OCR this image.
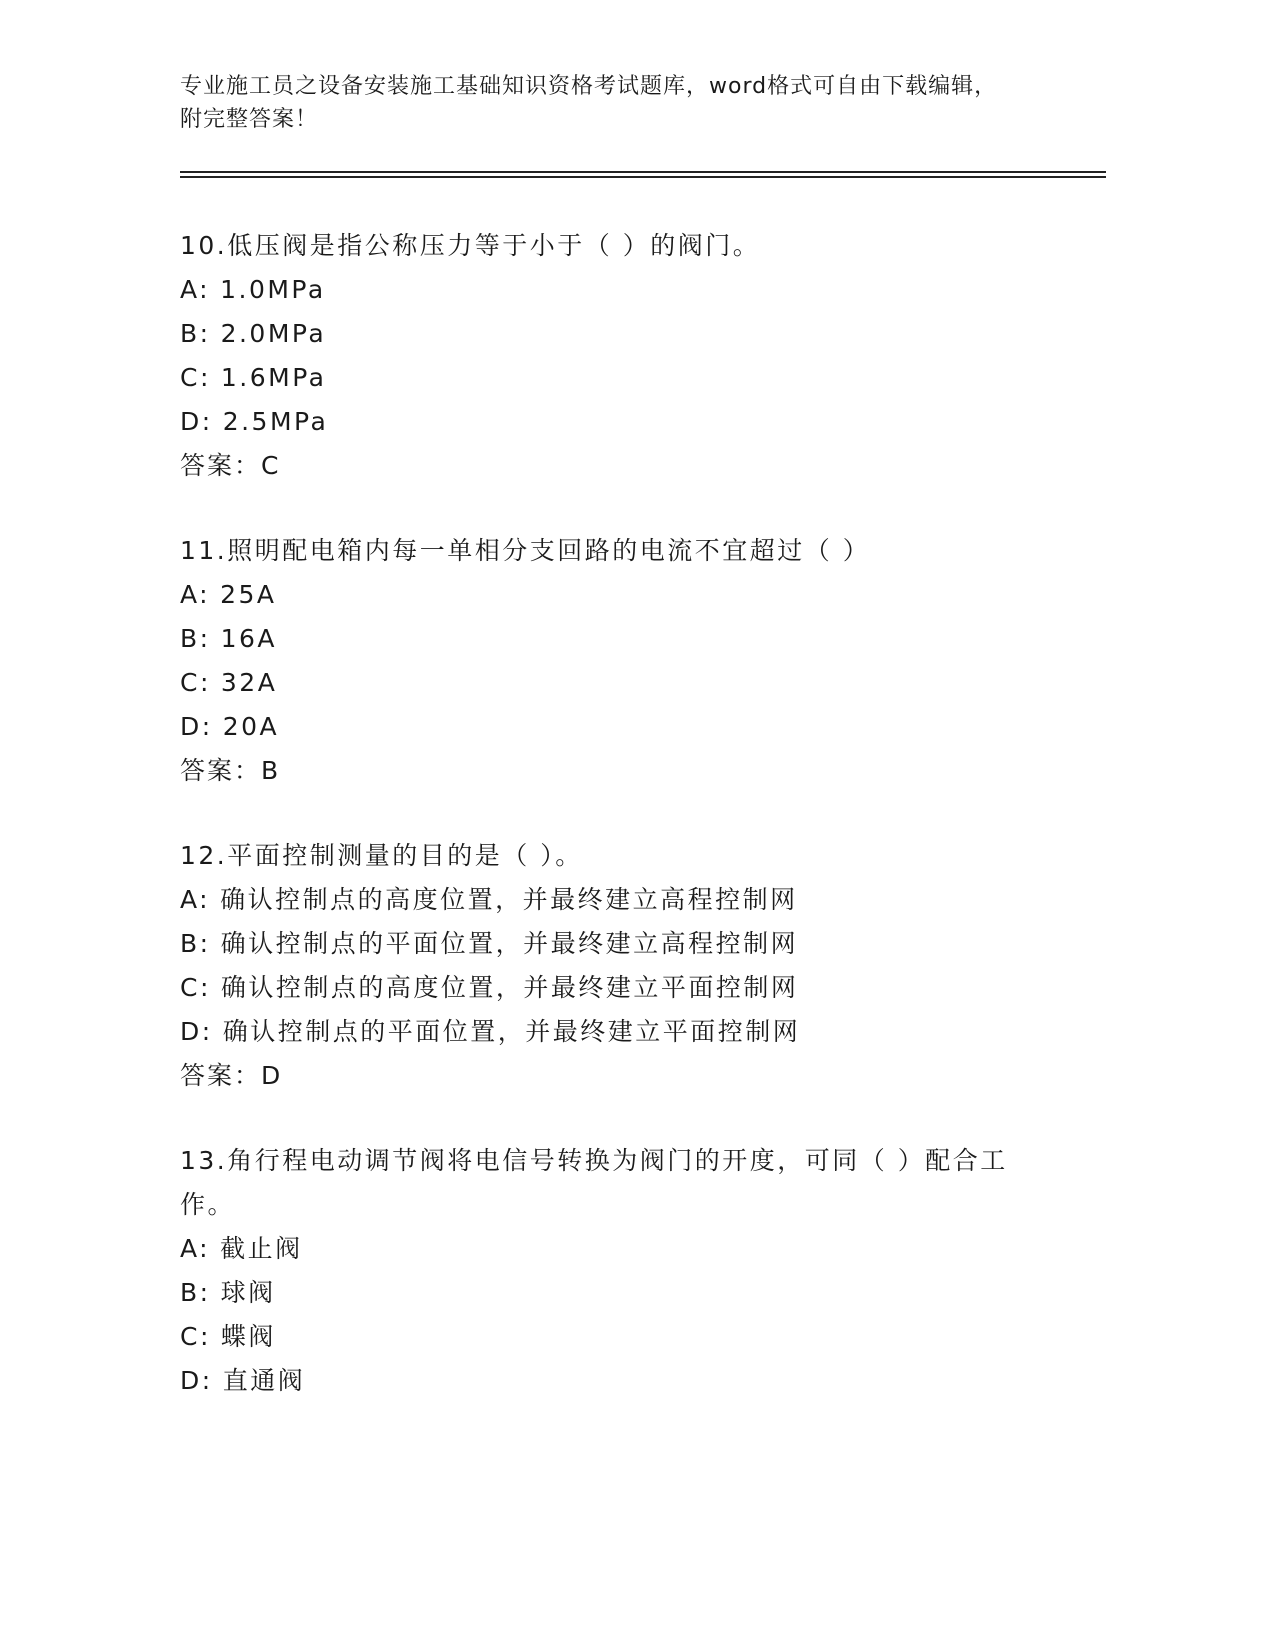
专业施工员之设备安装施工基础知识资格考试题库，word格式可自由下载编辑，
附完整答案！
10.低压阀是指公称压力等于小于（ ）的阀门。
A: 1.0MPa
B: 2.0MPa
C: 1.6MPa
D: 2.5MPa
答案：C
11.照明配电箱内每一单相分支回路的电流不宜超过（ ）
A: 25A
B: 16A
C: 32A
D: 20A
答案：B
12.平面控制测量的目的是（ ）。
A: 确认控制点的高度位置，并最终建立高程控制网
B: 确认控制点的平面位置，并最终建立高程控制网
C: 确认控制点的高度位置，并最终建立平面控制网
D: 确认控制点的平面位置，并最终建立平面控制网
答案：D
13.角行程电动调节阀将电信号转换为阀门的开度，可同（ ）配合工作。
A: 截止阀
B: 球阀
C: 蝶阀
D: 直通阀
